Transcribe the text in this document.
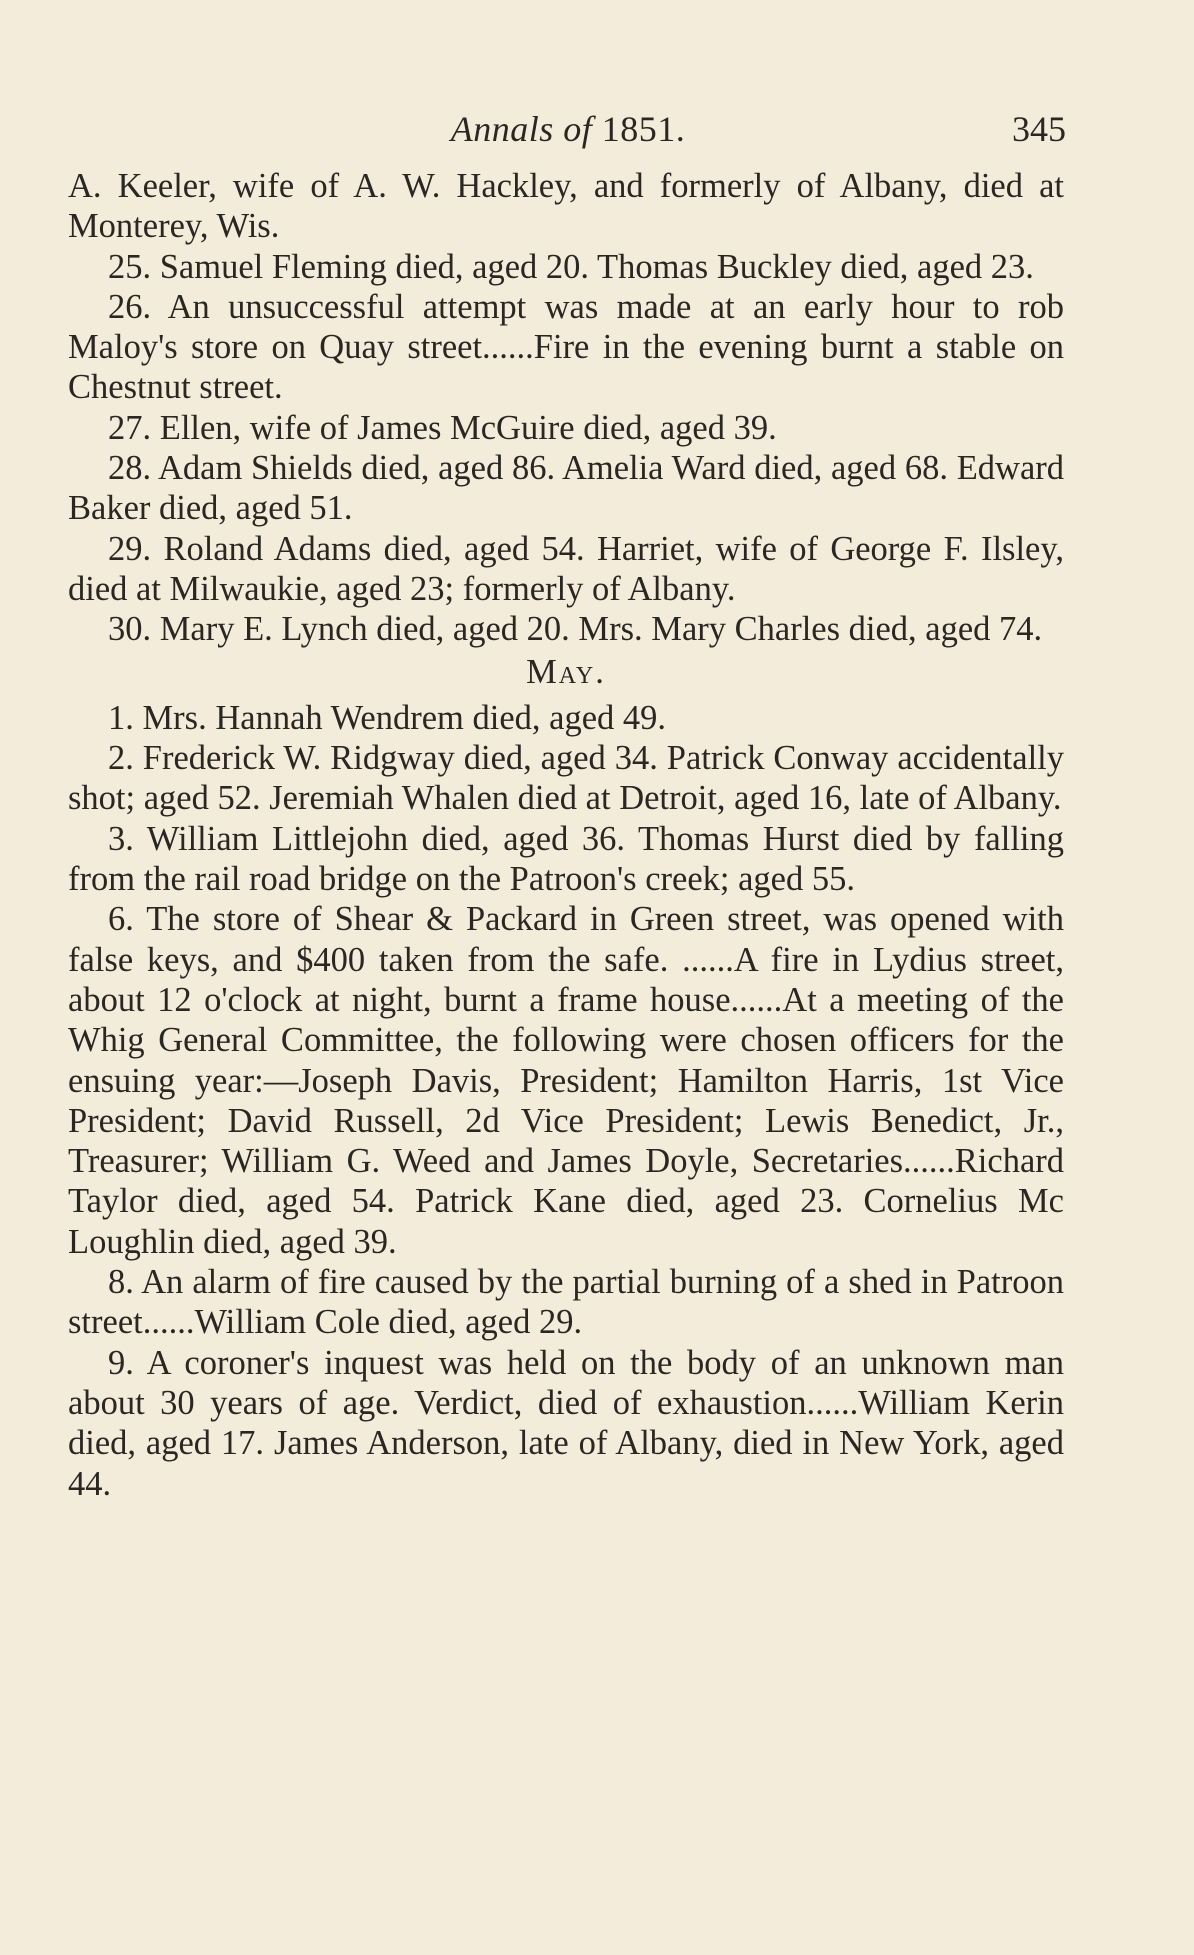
Annals of 1851.	345

A. Keeler, wife of A. W. Hackley, and formerly of Albany, died at Monterey, Wis.

25. Samuel Fleming died, aged 20. Thomas Buckley died, aged 23.

26. An unsuccessful attempt was made at an early hour to rob Maloy's store on Quay street......Fire in the evening burnt a stable on Chestnut street.

27. Ellen, wife of James McGuire died, aged 39.

28. Adam Shields died, aged 86. Amelia Ward died, aged 68. Edward Baker died, aged 51.

29. Roland Adams died, aged 54. Harriet, wife of George F. Ilsley, died at Milwaukie, aged 23; formerly of Albany.

30. Mary E. Lynch died, aged 20. Mrs. Mary Charles died, aged 74.

May.

1. Mrs. Hannah Wendrem died, aged 49.

2. Frederick W. Ridgway died, aged 34. Patrick Conway accidentally shot; aged 52. Jeremiah Whalen died at Detroit, aged 16, late of Albany.

3. William Littlejohn died, aged 36. Thomas Hurst died by falling from the rail road bridge on the Patroon's creek; aged 55.

6. The store of Shear & Packard in Green street, was opened with false keys, and $400 taken from the safe. ......A fire in Lydius street, about 12 o'clock at night, burnt a frame house......At a meeting of the Whig General Committee, the following were chosen officers for the ensuing year:—Joseph Davis, President; Hamilton Harris, 1st Vice President; David Russell, 2d Vice President; Lewis Benedict, Jr., Treasurer; William G. Weed and James Doyle, Secretaries......Richard Taylor died, aged 54. Patrick Kane died, aged 23. Cornelius Mc Loughlin died, aged 39.

8. An alarm of fire caused by the partial burning of a shed in Patroon street......William Cole died, aged 29.

9. A coroner's inquest was held on the body of an unknown man about 30 years of age. Verdict, died of exhaustion......William Kerin died, aged 17. James Anderson, late of Albany, died in New York, aged 44.
